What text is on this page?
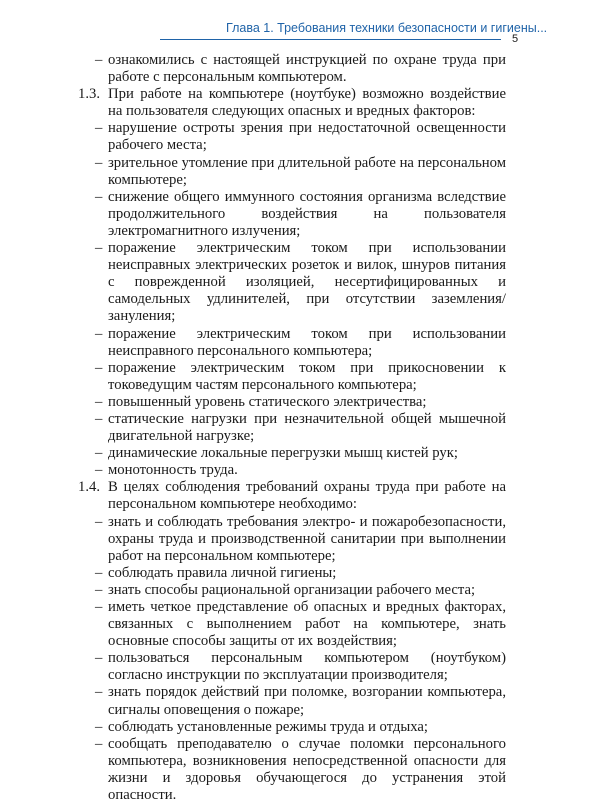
Глава 1. Требования техники безопасности и гигиены...
5
– ознакомились с настоящей инструкцией по охране труда при работе с персональным компьютером.
1.3. При работе на компьютере (ноутбуке) возможно воздействие на пользователя следующих опасных и вредных факторов:
– нарушение остроты зрения при недостаточной освещенности рабочего места;
– зрительное утомление при длительной работе на персональном компьютере;
– снижение общего иммунного состояния организма вследствие продолжительного воздействия на пользователя электромагнитного излучения;
– поражение электрическим током при использовании неисправных электрических розеток и вилок, шнуров питания с поврежденной изоляцией, несертифицированных и самодельных удлинителей, при отсутствии заземления/зануления;
– поражение электрическим током при использовании неисправного персонального компьютера;
– поражение электрическим током при прикосновении к токоведущим частям персонального компьютера;
– повышенный уровень статического электричества;
– статические нагрузки при незначительной общей мышечной двигательной нагрузке;
– динамические локальные перегрузки мышц кистей рук;
– монотонность труда.
1.4. В целях соблюдения требований охраны труда при работе на персональном компьютере необходимо:
– знать и соблюдать требования электро- и пожаробезопасности, охраны труда и производственной санитарии при выполнении работ на персональном компьютере;
– соблюдать правила личной гигиены;
– знать способы рациональной организации рабочего места;
– иметь четкое представление об опасных и вредных факторах, связанных с выполнением работ на компьютере, знать основные способы защиты от их воздействия;
– пользоваться персональным компьютером (ноутбуком) согласно инструкции по эксплуатации производителя;
– знать порядок действий при поломке, возгорании компьютера, сигналы оповещения о пожаре;
– соблюдать установленные режимы труда и отдыха;
– сообщать преподавателю о случае поломки персонального компьютера, возникновения непосредственной опасности для жизни и здоровья обучающегося до устранения этой опасности.
